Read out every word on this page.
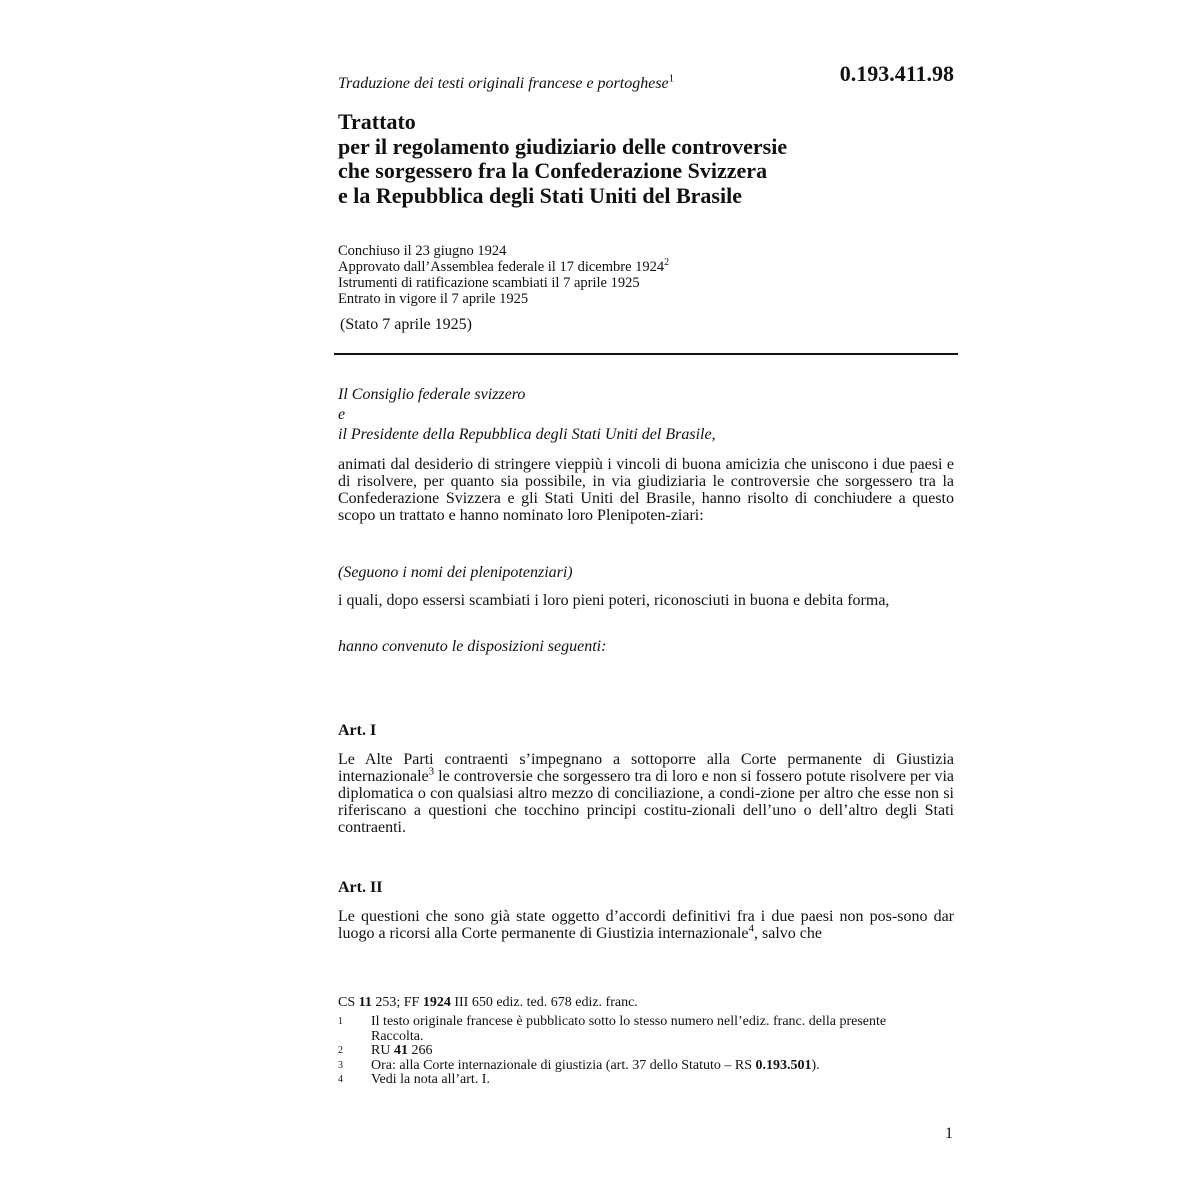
Traduzione dei testi originali francese e portoghese$^1$	0.193.411.98
Trattato
per il regolamento giudiziario delle controversie
che sorgessero fra la Confederazione Svizzera
e la Repubblica degli Stati Uniti del Brasile
Conchiuso il 23 giugno 1924
Approvato dall’Assemblea federale il 17 dicembre 1924$^2$
Istrumenti di ratificazione scambiati il 7 aprile 1925
Entrato in vigore il 7 aprile 1925
(Stato 7 aprile 1925)
Il Consiglio federale svizzero
e
il Presidente della Repubblica degli Stati Uniti del Brasile,
animati dal desiderio di stringere vieppiù i vincoli di buona amicizia che uniscono i due paesi e di risolvere, per quanto sia possibile, in via giudiziaria le controversie che sorgessero tra la Confederazione Svizzera e gli Stati Uniti del Brasile, hanno risolto di conchiudere a questo scopo un trattato e hanno nominato loro Plenipoten-ziari:
(Seguono i nomi dei plenipotenziari)
i quali, dopo essersi scambiati i loro pieni poteri, riconosciuti in buona e debita forma,
hanno convenuto le disposizioni seguenti:
Art. I
Le Alte Parti contraenti s’impegnano a sottoporre alla Corte permanente di Giustizia internazionale$^3$ le controversie che sorgessero tra di loro e non si fossero potute risolvere per via diplomatica o con qualsiasi altro mezzo di conciliazione, a condi-zione per altro che esse non si riferiscano a questioni che tocchino principi costitu-zionali dell’uno o dell’altro degli Stati contraenti.
Art. II
Le questioni che sono già state oggetto d’accordi definitivi fra i due paesi non pos-sono dar luogo a ricorsi alla Corte permanente di Giustizia internazionale$^4$, salvo che
CS 11 253; FF 1924 III 650 ediz. ted. 678 ediz. franc.
1	Il testo originale francese è pubblicato sotto lo stesso numero nell’ediz. franc. della presente Raccolta.
2	RU 41 266
3	Ora: alla Corte internazionale di giustizia (art. 37 dello Statuto – RS 0.193.501).
4	Vedi la nota all’art. I.
1
